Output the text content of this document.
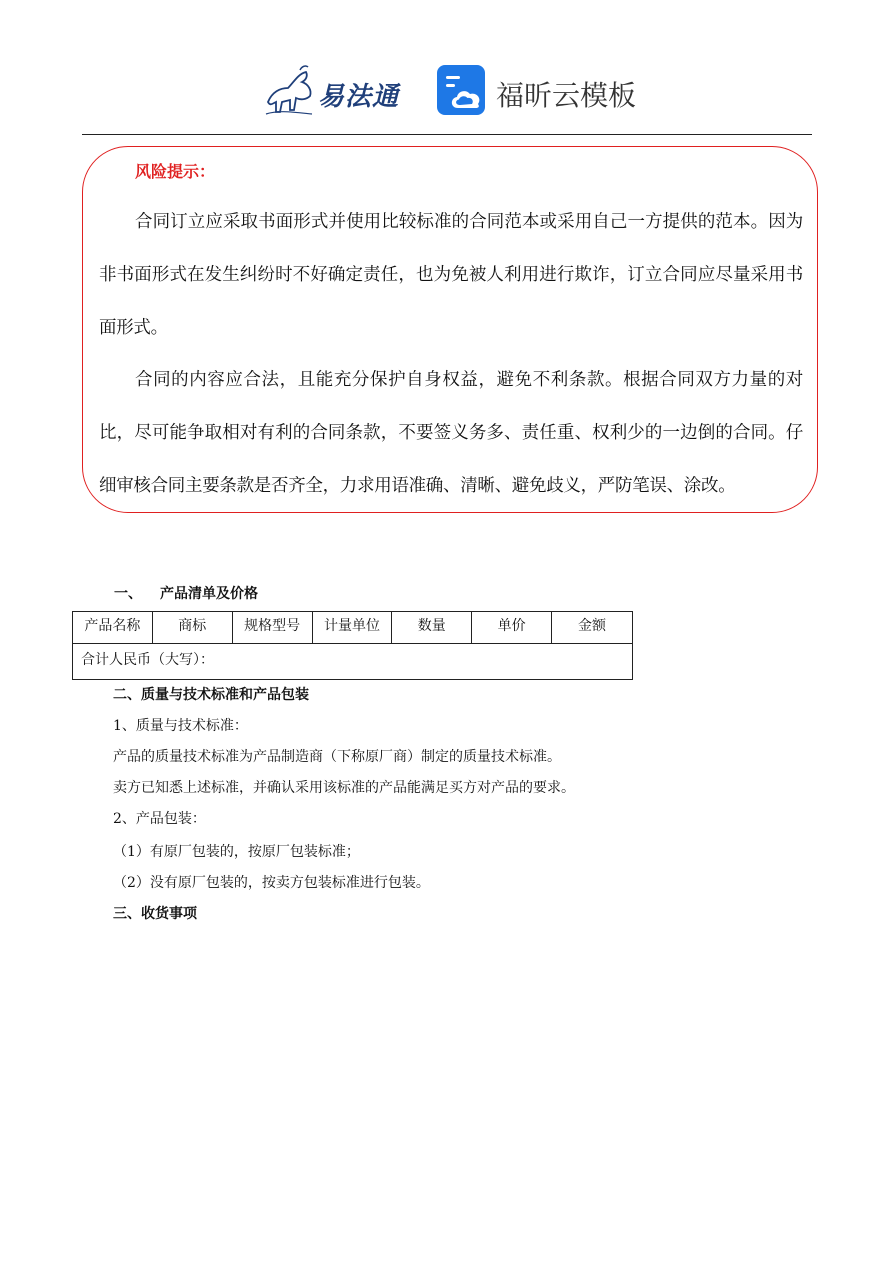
易法通	福昕云模板
风险提示：
合同订立应采取书面形式并使用比较标准的合同范本或采用自己一方提供的范本。因为非书面形式在发生纠纷时不好确定责任，也为免被人利用进行欺诈，订立合同应尽量采用书面形式。
合同的内容应合法，且能充分保护自身权益，避免不利条款。根据合同双方力量的对比，尽可能争取相对有利的合同条款，不要签义务多、责任重、权利少的一边倒的合同。仔细审核合同主要条款是否齐全，力求用语准确、清晰、避免歧义，严防笔误、涂改。
一、 产品清单及价格
产品名称	商标	规格型号	计量单位	数量	单价	金额
合计人民币（大写）：
二、质量与技术标准和产品包装
1、质量与技术标准：
产品的质量技术标准为产品制造商（下称原厂商）制定的质量技术标准。
卖方已知悉上述标准，并确认采用该标准的产品能满足买方对产品的要求。
2、产品包装：
（1）有原厂包装的，按原厂包装标准；
（2）没有原厂包装的，按卖方包装标准进行包装。
三、收货事项
